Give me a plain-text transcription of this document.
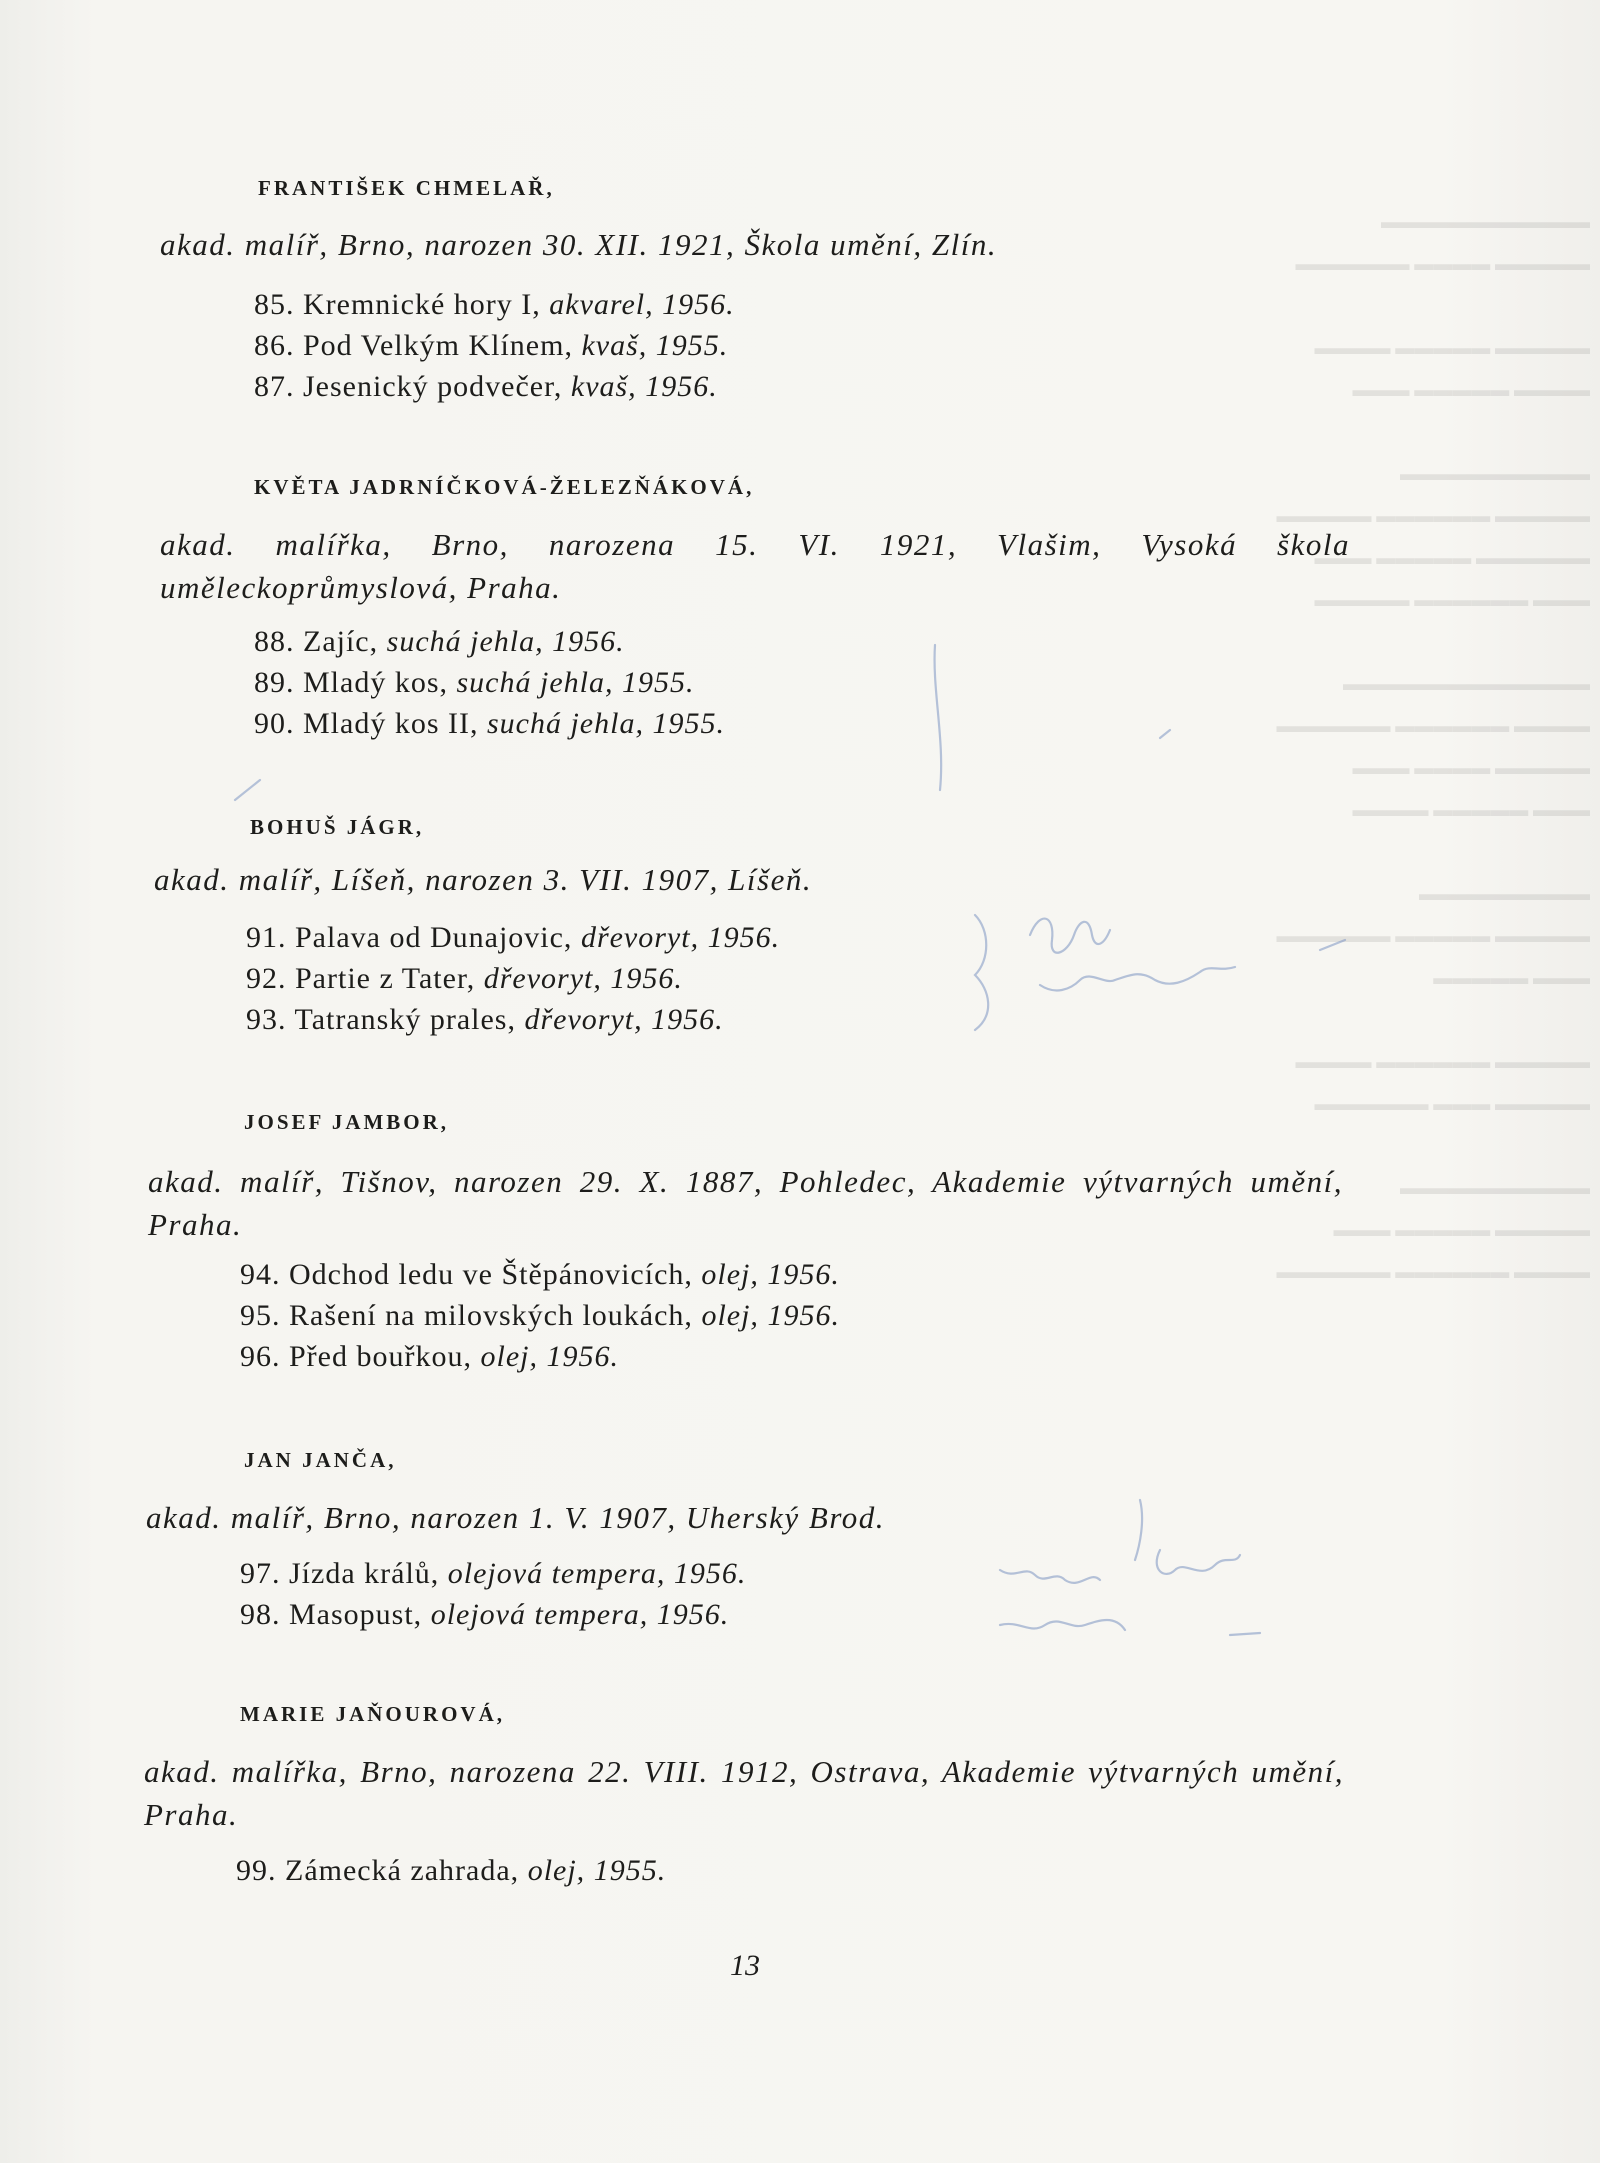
▬▬▬▬▬▬▬▬▬▬▬
▬▬▬▬▬ ▬▬▬▬ ▬▬▬▬▬▬

▬▬▬▬▬ ▬▬▬▬▬ ▬▬▬▬
▬▬▬▬ ▬▬▬▬▬ ▬▬▬

▬▬▬▬▬▬▬▬▬▬
▬▬▬▬▬ ▬▬▬▬▬▬ ▬▬▬▬▬
▬▬▬▬▬▬ ▬▬▬▬▬ ▬▬▬
▬▬▬ ▬▬▬▬▬▬ ▬▬▬▬▬

▬▬▬▬▬▬▬▬▬▬▬▬▬
▬▬▬▬ ▬▬▬▬▬▬ ▬▬▬▬▬▬
▬▬▬▬▬ ▬▬▬▬ ▬▬▬
▬▬▬ ▬▬▬▬▬ ▬▬▬▬

▬▬▬▬▬▬▬▬▬
▬▬▬▬▬ ▬▬▬▬▬ ▬▬▬▬▬▬
▬▬▬ ▬▬▬▬▬

▬▬▬▬▬ ▬▬▬▬▬▬ ▬▬▬▬
▬▬▬▬▬ ▬▬▬ ▬▬▬▬▬▬

▬▬▬▬▬▬▬▬▬▬
▬▬▬▬▬ ▬▬▬▬▬ ▬▬▬
▬▬▬▬ ▬▬▬▬▬▬ ▬▬▬▬▬▬

FRANTIŠEK CHMELAŘ,
akad. malíř, Brno, narozen 30. XII. 1921, Škola umění, Zlín.
85. Kremnické hory I, akvarel, 1956.
86. Pod Velkým Klínem, kvaš, 1955.
87. Jesenický podvečer, kvaš, 1956.
KVĚTA JADRNÍČKOVÁ-ŽELEZŇÁKOVÁ,
akad. malířka, Brno, narozena 15. VI. 1921, Vlašim, Vysoká škola uměleckoprůmyslová, Praha.
88. Zajíc, suchá jehla, 1956.
89. Mladý kos, suchá jehla, 1955.
90. Mladý kos II, suchá jehla, 1955.
BOHUŠ JÁGR,
akad. malíř, Líšeň, narozen 3. VII. 1907, Líšeň.
91. Palava od Dunajovic, dřevoryt, 1956.
92. Partie z Tater, dřevoryt, 1956.
93. Tatranský prales, dřevoryt, 1956.
JOSEF JAMBOR,
akad. malíř, Tišnov, narozen 29. X. 1887, Pohledec, Akademie výtvarných umění, Praha.
94. Odchod ledu ve Štěpánovicích, olej, 1956.
95. Rašení na milovských loukách, olej, 1956.
96. Před bouřkou, olej, 1956.
JAN JANČA,
akad. malíř, Brno, narozen 1. V. 1907, Uherský Brod.
97. Jízda králů, olejová tempera, 1956.
98. Masopust, olejová tempera, 1956.
MARIE JAŇOUROVÁ,
akad. malířka, Brno, narozena 22. VIII. 1912, Ostrava, Akademie výtvarných umění, Praha.
99. Zámecká zahrada, olej, 1955.
13
